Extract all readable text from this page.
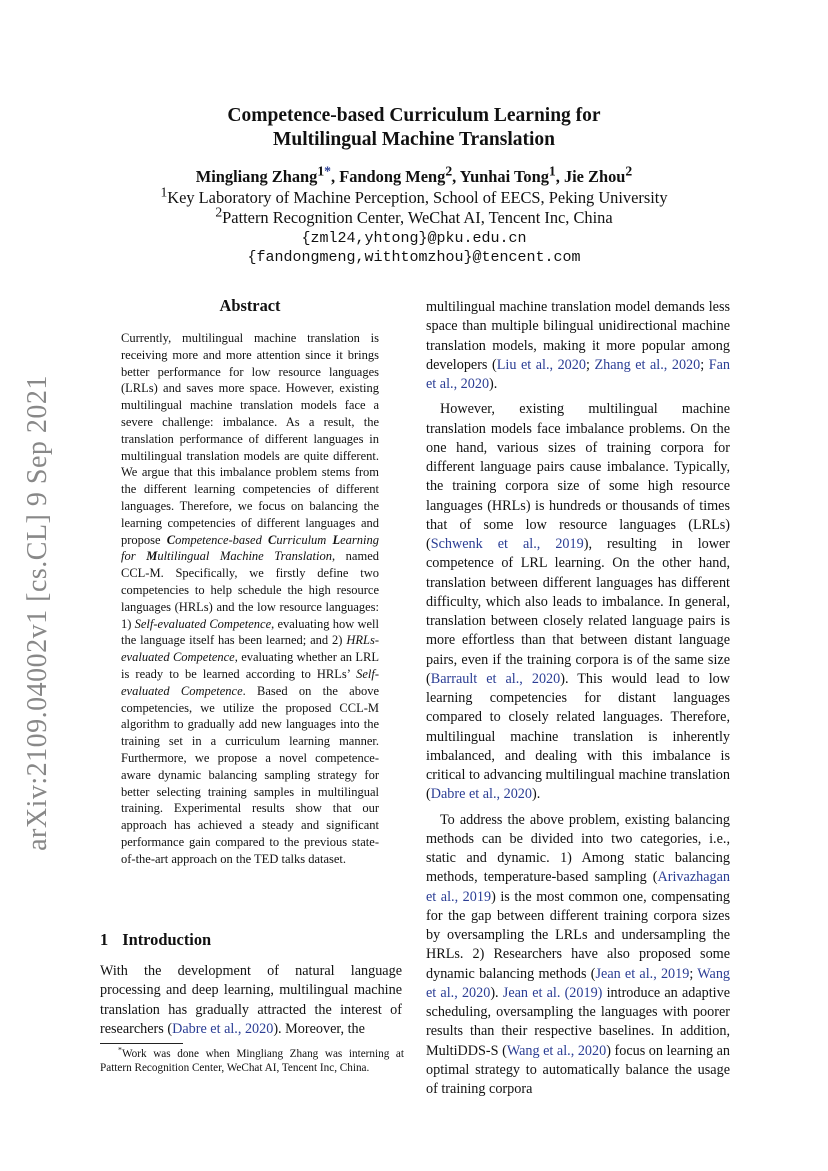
arXiv:2109.04002v1 [cs.CL] 9 Sep 2021
Competence-based Curriculum Learning for
Multilingual Machine Translation
Mingliang Zhang$^{1*}$, Fandong Meng$^2$, Yunhai Tong$^1$, Jie Zhou$^2$
$^1$Key Laboratory of Machine Perception, School of EECS, Peking University
$^2$Pattern Recognition Center, WeChat AI, Tencent Inc, China
{zml24,yhtong}@pku.edu.cn
{fandongmeng,withtomzhou}@tencent.com
Abstract
Currently, multilingual machine translation is receiving more and more attention since it brings better performance for low resource languages (LRLs) and saves more space. However, existing multilingual machine translation models face a severe challenge: imbalance. As a result, the translation performance of different languages in multilingual translation models are quite different. We argue that this imbalance problem stems from the different learning competencies of different languages. Therefore, we focus on balancing the learning competencies of different languages and propose Competence-based Curriculum Learning for Multilingual Machine Translation, named CCL-M. Specifically, we firstly define two competencies to help schedule the high resource languages (HRLs) and the low resource languages: 1) Self-evaluated Competence, evaluating how well the language itself has been learned; and 2) HRLs-evaluated Competence, evaluating whether an LRL is ready to be learned according to HRLs’ Self-evaluated Competence. Based on the above competencies, we utilize the proposed CCL-M algorithm to gradually add new languages into the training set in a curriculum learning manner. Furthermore, we propose a novel competence-aware dynamic balancing sampling strategy for better selecting training samples in multilingual training. Experimental results show that our approach has achieved a steady and significant performance gain compared to the previous state-of-the-art approach on the TED talks dataset.
1 Introduction
With the development of natural language processing and deep learning, multilingual machine translation has gradually attracted the interest of researchers (Dabre et al., 2020). Moreover, the
*Work was done when Mingliang Zhang was interning at Pattern Recognition Center, WeChat AI, Tencent Inc, China.

multilingual machine translation model demands less space than multiple bilingual unidirectional machine translation models, making it more popular among developers (Liu et al., 2020; Zhang et al., 2020; Fan et al., 2020).

However, existing multilingual machine translation models face imbalance problems. On the one hand, various sizes of training corpora for different language pairs cause imbalance. Typically, the training corpora size of some high resource languages (HRLs) is hundreds or thousands of times that of some low resource languages (LRLs) (Schwenk et al., 2019), resulting in lower competence of LRL learning. On the other hand, translation between different languages has different difficulty, which also leads to imbalance. In general, translation between closely related language pairs is more effortless than that between distant language pairs, even if the training corpora is of the same size (Barrault et al., 2020). This would lead to low learning competencies for distant languages compared to closely related languages. Therefore, multilingual machine translation is inherently imbalanced, and dealing with this imbalance is critical to advancing multilingual machine translation (Dabre et al., 2020).

To address the above problem, existing balancing methods can be divided into two categories, i.e., static and dynamic. 1) Among static balancing methods, temperature-based sampling (Arivazhagan et al., 2019) is the most common one, compensating for the gap between different training corpora sizes by oversampling the LRLs and undersampling the HRLs. 2) Researchers have also proposed some dynamic balancing methods (Jean et al., 2019; Wang et al., 2020). Jean et al. (2019) introduce an adaptive scheduling, oversampling the languages with poorer results than their respective baselines. In addition, MultiDDS-S (Wang et al., 2020) focus on learning an optimal strategy to automatically balance the usage of training corpora
